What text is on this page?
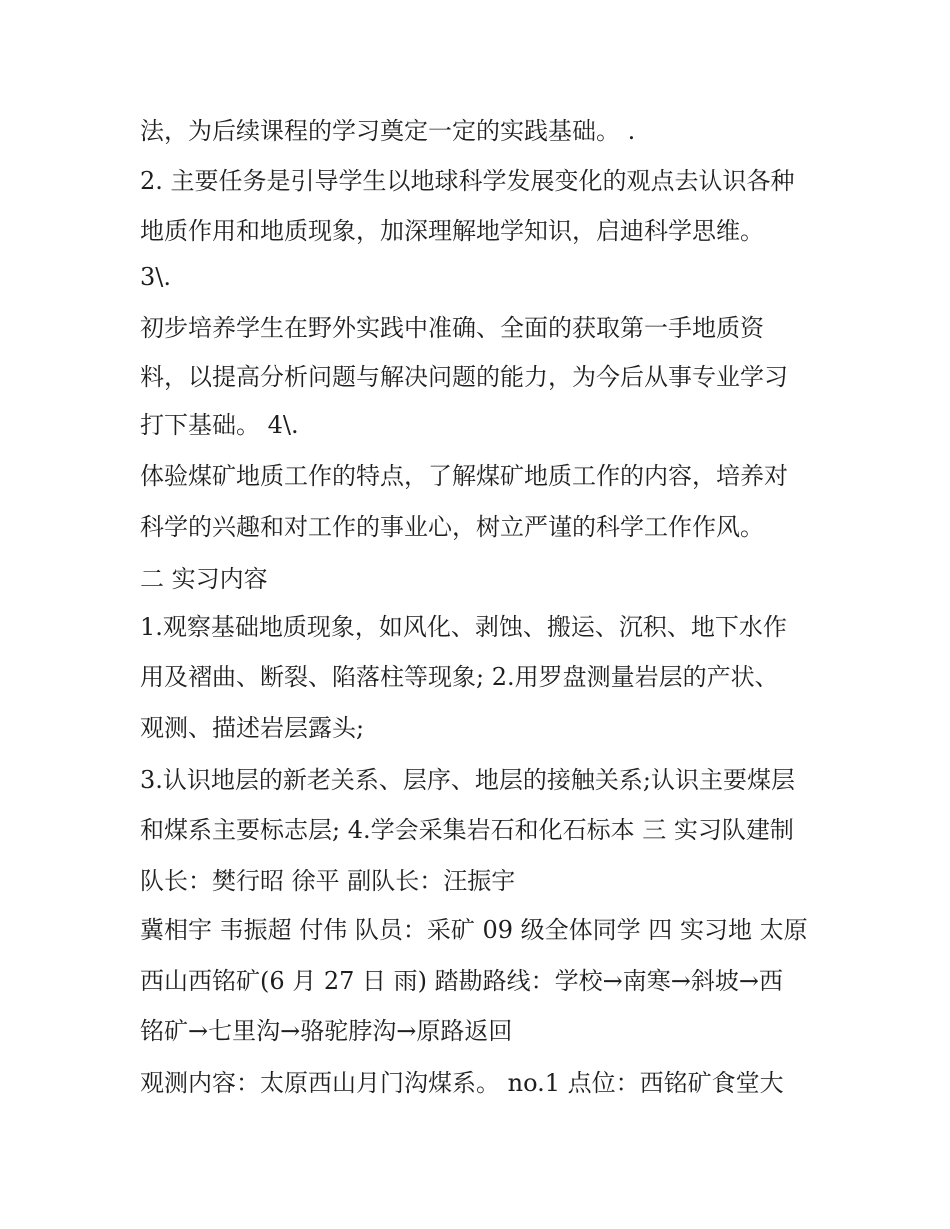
法，为后续课程的学习奠定一定的实践基础。 .
2. 主要任务是引导学生以地球科学发展变化的观点去认识各种
地质作用和地质现象，加深理解地学知识，启迪科学思维。
3\.
初步培养学生在野外实践中准确、全面的获取第一手地质资
料，以提高分析问题与解决问题的能力，为今后从事专业学习
打下基础。 4\.
体验煤矿地质工作的特点，了解煤矿地质工作的内容，培养对
科学的兴趣和对工作的事业心，树立严谨的科学工作作风。
二 实习内容
1.观察基础地质现象，如风化、剥蚀、搬运、沉积、地下水作
用及褶曲、断裂、陷落柱等现象; 2.用罗盘测量岩层的产状、
观测、描述岩层露头;
3.认识地层的新老关系、层序、地层的接触关系;认识主要煤层
和煤系主要标志层; 4.学会采集岩石和化石标本 三 实习队建制
队长：樊行昭 徐平 副队长：汪振宇
冀相宇 韦振超 付伟 队员：采矿 09 级全体同学 四 实习地 太原
西山西铭矿(6 月 27 日 雨) 踏勘路线：学校→南寒→斜坡→西
铭矿→七里沟→骆驼脖沟→原路返回
观测内容：太原西山月门沟煤系。 no.1 点位：西铭矿食堂大
